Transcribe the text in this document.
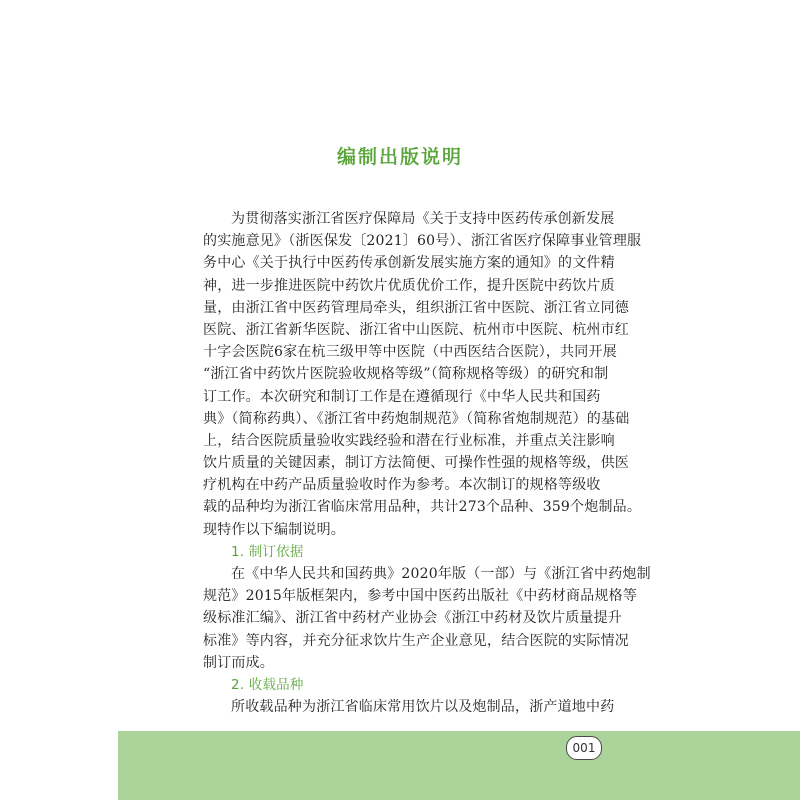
编制出版说明
为贯彻落实浙江省医疗保障局《关于支持中医药传承创新发展
的实施意见》（浙医保发〔2021〕60号）、浙江省医疗保障事业管理服
务中心《关于执行中医药传承创新发展实施方案的通知》的文件精
神，进一步推进医院中药饮片优质优价工作，提升医院中药饮片质
量，由浙江省中医药管理局牵头，组织浙江省中医院、浙江省立同德
医院、浙江省新华医院、浙江省中山医院、杭州市中医院、杭州市红
十字会医院6家在杭三级甲等中医院（中西医结合医院），共同开展
“浙江省中药饮片医院验收规格等级”（简称规格等级）的研究和制
订工作。本次研究和制订工作是在遵循现行《中华人民共和国药
典》（简称药典）、《浙江省中药炮制规范》（简称省炮制规范）的基础
上，结合医院质量验收实践经验和潜在行业标准，并重点关注影响
饮片质量的关键因素，制订方法简便、可操作性强的规格等级，供医
疗机构在中药产品质量验收时作为参考。本次制订的规格等级收
载的品种均为浙江省临床常用品种，共计273个品种、359个炮制品。
现特作以下编制说明。
1. 制订依据
在《中华人民共和国药典》2020年版（一部）与《浙江省中药炮制
规范》2015年版框架内，参考中国中医药出版社《中药材商品规格等
级标准汇编》、浙江省中药材产业协会《浙江中药材及饮片质量提升
标准》等内容，并充分征求饮片生产企业意见，结合医院的实际情况
制订而成。
2. 收载品种
所收载品种为浙江省临床常用饮片以及炮制品，浙产道地中药
001
